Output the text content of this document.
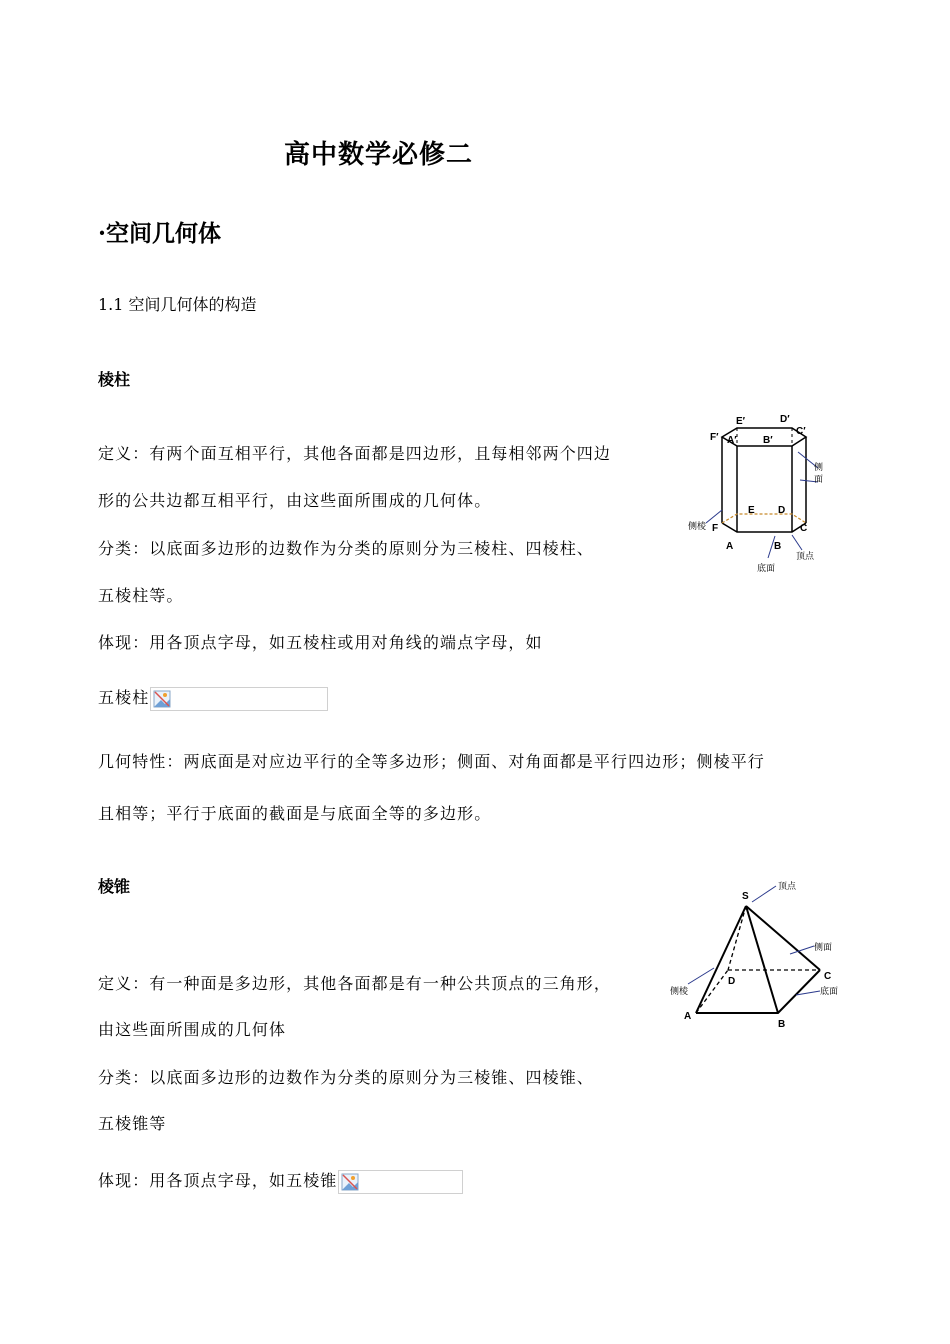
高中数学必修二
·空间几何体
1.1 空间几何体的构造
棱柱
定义：有两个面互相平行，其他各面都是四边形，且每相邻两个四边
形的公共边都互相平行，由这些面所围成的几何体。
分类：以底面多边形的边数作为分类的原则分为三棱柱、四棱柱、
五棱柱等。
体现：用各顶点字母，如五棱柱或用对角线的端点字母，如
五棱柱
几何特性：两底面是对应边平行的全等多边形；侧面、对角面都是平行四边形；侧棱平行
且相等；平行于底面的截面是与底面全等的多边形。
E′	D′
F′ A′	B′
C′
E D
F
A	B
C
侧
面
侧棱
顶点
底面
棱锥
定义：有一种面是多边形，其他各面都是有一种公共顶点的三角形，
由这些面所围成的几何体
分类：以底面多边形的边数作为分类的原则分为三棱锥、四棱锥、
五棱锥等
体现：用各顶点字母，如五棱锥
S
A
B
C
D
顶点
侧面
侧棱	底面
